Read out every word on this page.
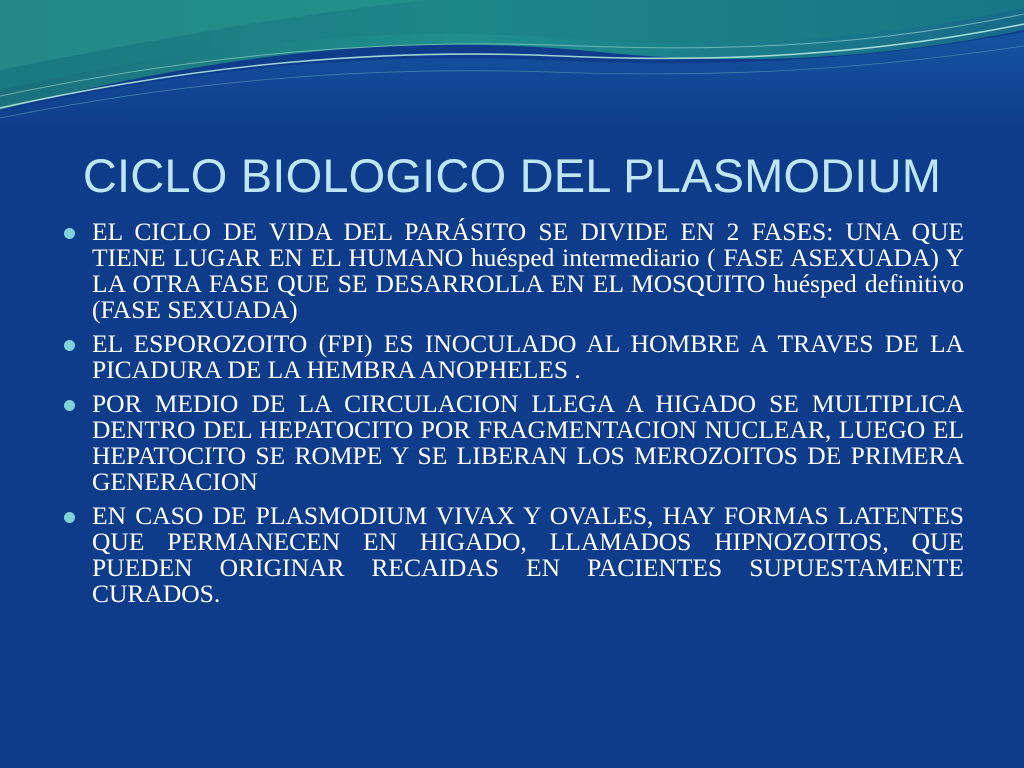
CICLO BIOLOGICO DEL PLASMODIUM
EL CICLO DE VIDA DEL PARÁSITO SE DIVIDE EN 2 FASES: UNA QUE TIENE LUGAR EN EL HUMANO huésped intermediario ( FASE ASEXUADA) Y LA OTRA FASE QUE SE DESARROLLA EN EL MOSQUITO huésped definitivo (FASE SEXUADA)
EL ESPOROZOITO (FPI) ES INOCULADO AL HOMBRE A TRAVES DE LA PICADURA DE LA HEMBRA ANOPHELES .
POR MEDIO DE LA CIRCULACION LLEGA A HIGADO SE MULTIPLICA DENTRO DEL HEPATOCITO POR FRAGMENTACION NUCLEAR, LUEGO EL HEPATOCITO SE ROMPE Y SE LIBERAN LOS MEROZOITOS DE PRIMERA GENERACION
EN CASO DE PLASMODIUM VIVAX Y OVALES, HAY FORMAS LATENTES QUE PERMANECEN EN HIGADO, LLAMADOS HIPNOZOITOS, QUE PUEDEN ORIGINAR RECAIDAS EN PACIENTES SUPUESTAMENTE CURADOS.
